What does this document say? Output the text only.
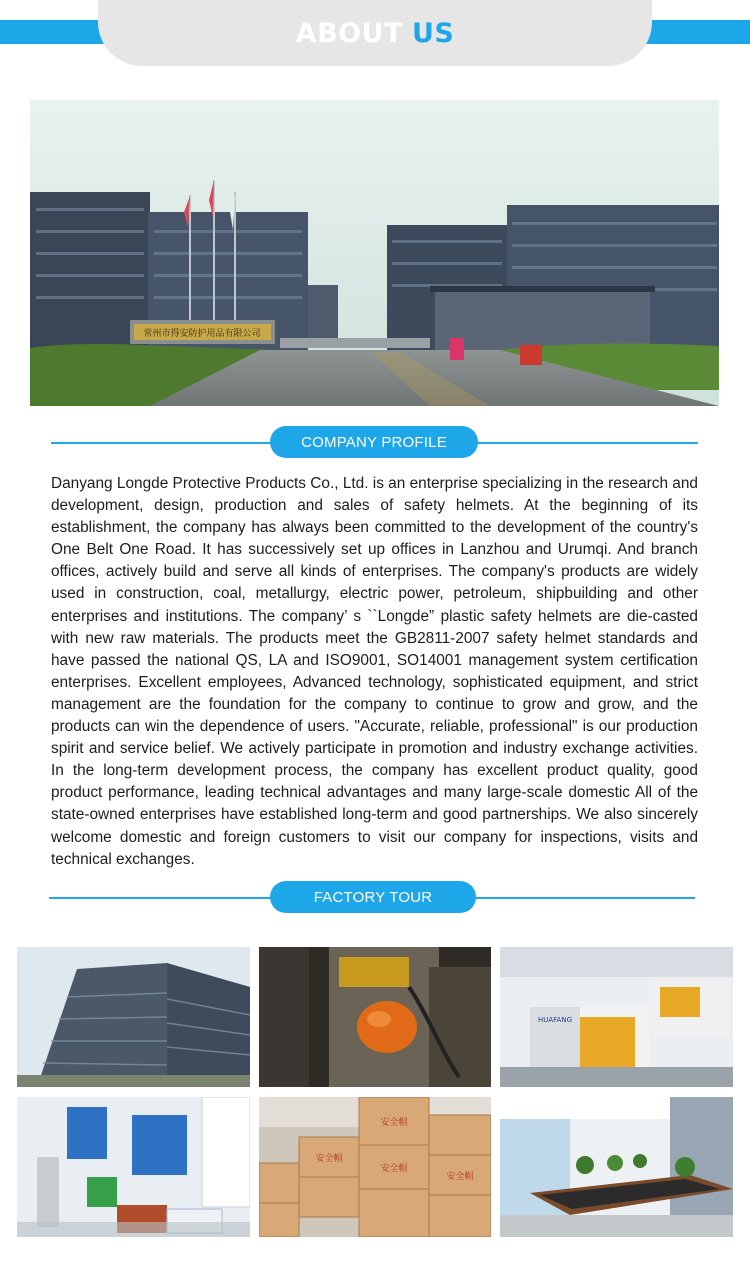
ABOUT US
常州市得安防护用品有限公司
COMPANY PROFILE

Danyang Longde Protective Products Co., Ltd. is an enterprise specializing in the research and development, design, production and sales of safety helmets. At the beginning of its establishment, the company has always been committed to the development of the country's One Belt One Road. It has successively set up offices in Lanzhou and Urumqi. And branch offices, actively build and serve all kinds of enterprises. The company's products are widely used in construction, coal, metallurgy, electric power, petroleum, shipbuilding and other enterprises and institutions. The company’ s ``Longde” plastic safety helmets are die-casted with new raw materials. The products meet the GB2811-2007 safety helmet standards and have passed the national QS, LA and ISO9001, SO14001 management system certification enterprises. Excellent employees, Advanced technology, sophisticated equipment, and strict management are the foundation for the company to continue to grow and grow, and the products can win the dependence of users. "Accurate, reliable, professional" is our production spirit and service belief. We actively participate in promotion and industry exchange activities. In the long-term development process, the company has excellent product quality, good product performance, leading technical advantages and many large-scale domestic All of the state-owned enterprises have established long-term and good partnerships. We also sincerely welcome domestic and foreign customers to visit our company for inspections, visits and technical exchanges.

FACTORY TOUR
HUAFANG
安全帽
安全帽
安全帽
安全帽
